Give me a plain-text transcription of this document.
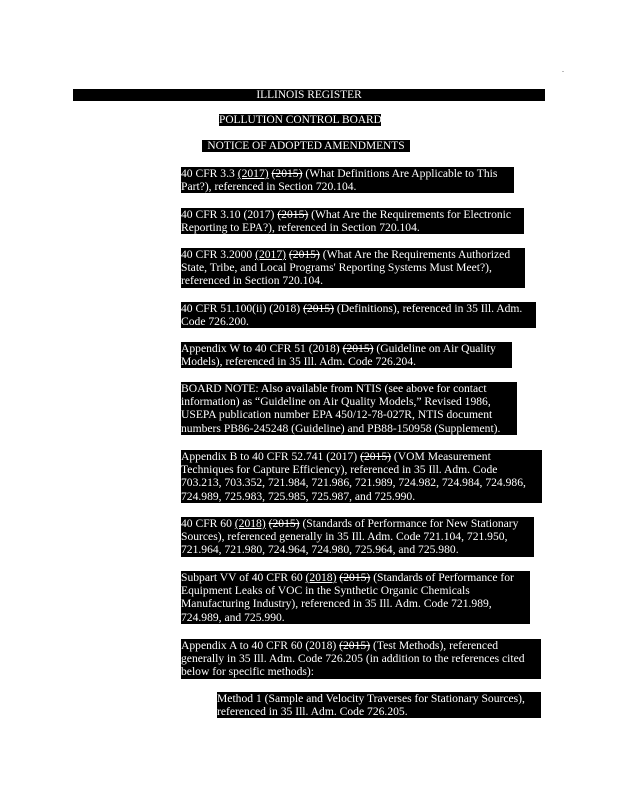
ILLINOIS REGISTER
POLLUTION CONTROL BOARD
NOTICE OF ADOPTED AMENDMENTS
40 CFR 3.3 (2017) (2015) (What Definitions Are Applicable to This
Part?), referenced in Section 720.104.
40 CFR 3.10 (2017) (2015) (What Are the Requirements for Electronic
Reporting to EPA?), referenced in Section 720.104.
40 CFR 3.2000 (2017) (2015) (What Are the Requirements Authorized
State, Tribe, and Local Programs' Reporting Systems Must Meet?),
referenced in Section 720.104.
40 CFR 51.100(ii) (2018) (2015) (Definitions), referenced in 35 Ill. Adm.
Code 726.200.
Appendix W to 40 CFR 51 (2018) (2015) (Guideline on Air Quality
Models), referenced in 35 Ill. Adm. Code 726.204.
BOARD NOTE: Also available from NTIS (see above for contact
information) as “Guideline on Air Quality Models,” Revised 1986,
USEPA publication number EPA 450/12-78-027R, NTIS document
numbers PB86-245248 (Guideline) and PB88-150958 (Supplement).
Appendix B to 40 CFR 52.741 (2017) (2015) (VOM Measurement
Techniques for Capture Efficiency), referenced in 35 Ill. Adm. Code
703.213, 703.352, 721.984, 721.986, 721.989, 724.982, 724.984, 724.986,
724.989, 725.983, 725.985, 725.987, and 725.990.
40 CFR 60 (2018) (2015) (Standards of Performance for New Stationary
Sources), referenced generally in 35 Ill. Adm. Code 721.104, 721.950,
721.964, 721.980, 724.964, 724.980, 725.964, and 725.980.
Subpart VV of 40 CFR 60 (2018) (2015) (Standards of Performance for
Equipment Leaks of VOC in the Synthetic Organic Chemicals
Manufacturing Industry), referenced in 35 Ill. Adm. Code 721.989,
724.989, and 725.990.
Appendix A to 40 CFR 60 (2018) (2015) (Test Methods), referenced
generally in 35 Ill. Adm. Code 726.205 (in addition to the references cited
below for specific methods):
Method 1 (Sample and Velocity Traverses for Stationary Sources),
referenced in 35 Ill. Adm. Code 726.205.
